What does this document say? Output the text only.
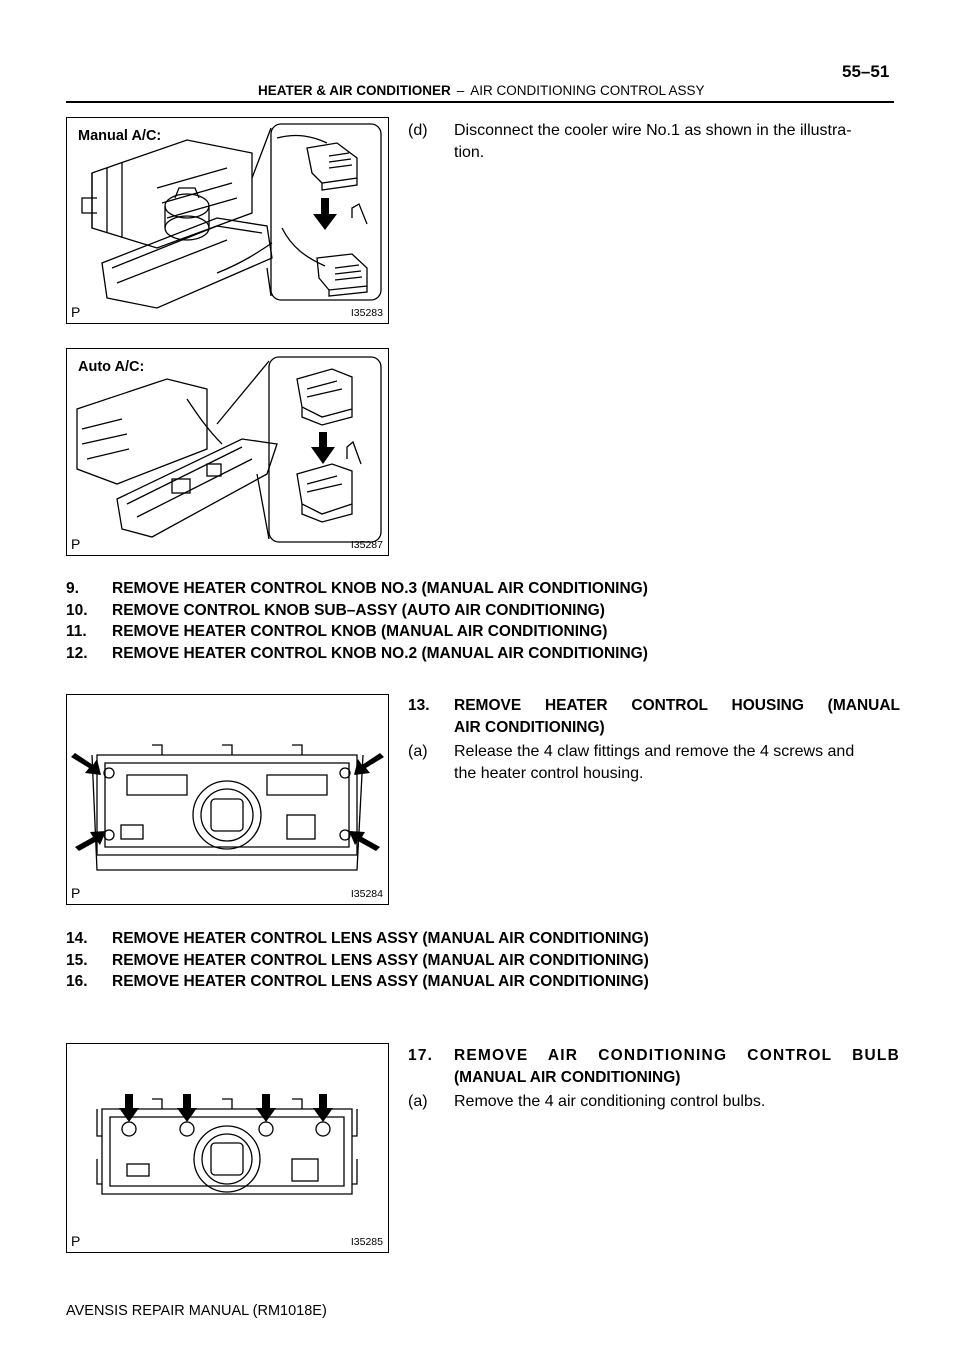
55–51
HEATER & AIR CONDITIONER – AIR CONDITIONING CONTROL ASSY
Manual A/C:
I35283
P
(d) Disconnect the cooler wire No.1 as shown in the illustra-
tion.
Auto A/C:
I35287
P
9. REMOVE HEATER CONTROL KNOB NO.3 (MANUAL AIR CONDITIONING)
10. REMOVE CONTROL KNOB SUB–ASSY (AUTO AIR CONDITIONING)
11. REMOVE HEATER CONTROL KNOB (MANUAL AIR CONDITIONING)
12. REMOVE HEATER CONTROL KNOB NO.2 (MANUAL AIR CONDITIONING)
I35284
P
13. REMOVE HEATER CONTROL HOUSING (MANUAL
AIR CONDITIONING)
(a) Release the 4 claw fittings and remove the 4 screws and
the heater control housing.
14. REMOVE HEATER CONTROL LENS ASSY (MANUAL AIR CONDITIONING)
15. REMOVE HEATER CONTROL LENS ASSY (MANUAL AIR CONDITIONING)
16. REMOVE HEATER CONTROL LENS ASSY (MANUAL AIR CONDITIONING)
I35285
P
17. REMOVE AIR CONDITIONING CONTROL BULB
(MANUAL AIR CONDITIONING)
(a) Remove the 4 air conditioning control bulbs.
AVENSIS REPAIR MANUAL (RM1018E)
